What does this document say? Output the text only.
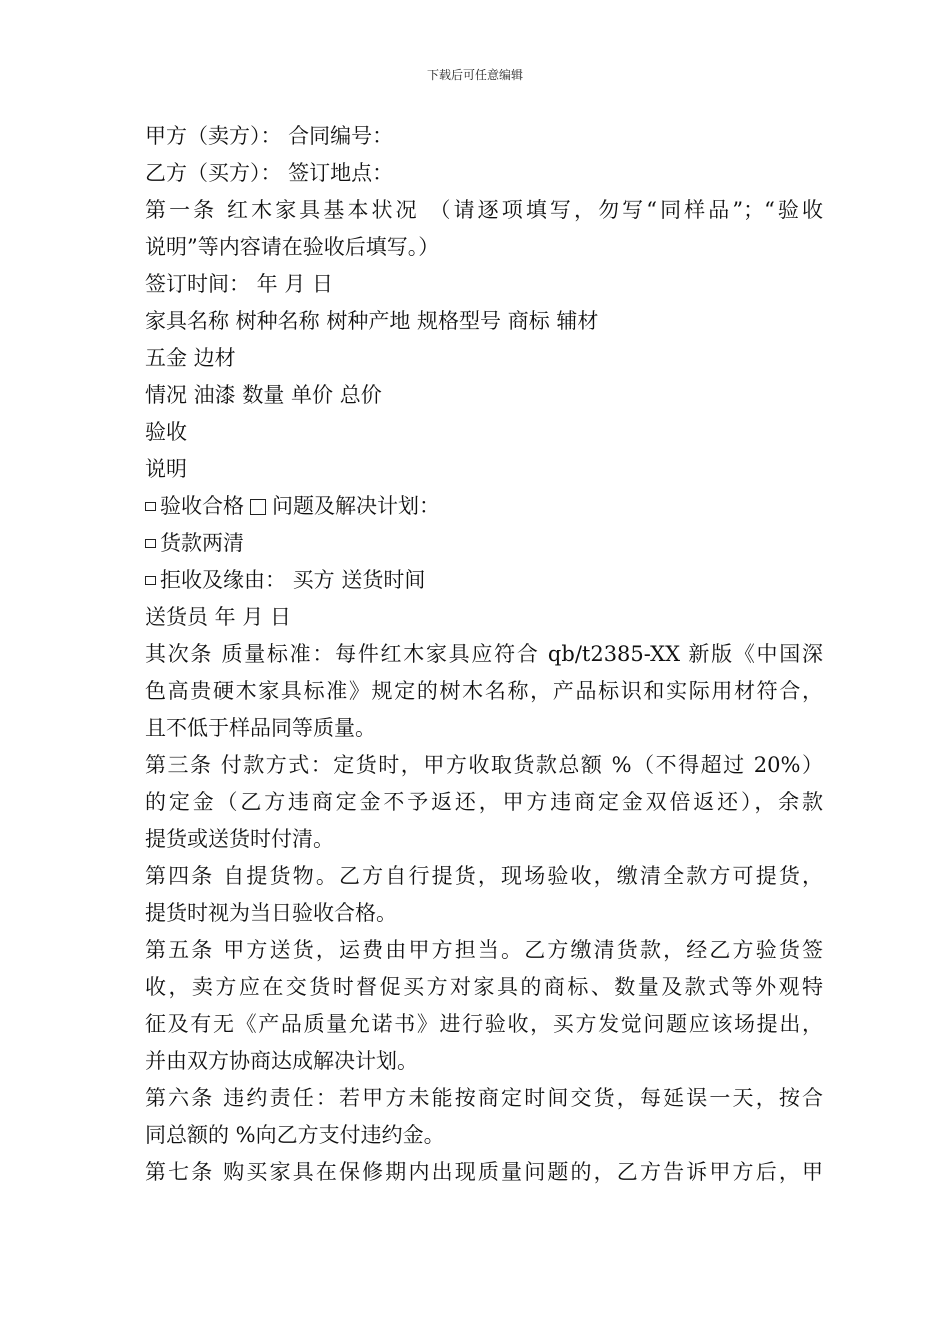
下载后可任意编辑
甲方（卖方）： 合同编号：
乙方（买方）： 签订地点：
第一条 红木家具基本状况 （请逐项填写，勿写“同样品”；“验收
说明”等内容请在验收后填写。）
签订时间： 年 月 日
家具名称 树种名称 树种产地 规格型号 商标 辅材
五金 边材
情况 油漆 数量 单价 总价
验收
说明
验收合格 问题及解决计划：
货款两清
拒收及缘由： 买方 送货时间
送货员 年 月 日
其次条 质量标准：每件红木家具应符合 qb/t2385-XX 新版《中国深
色高贵硬木家具标准》规定的树木名称，产品标识和实际用材符合，
且不低于样品同等质量。
第三条 付款方式：定货时，甲方收取货款总额 %（不得超过 20%）
的定金（乙方违商定金不予返还，甲方违商定金双倍返还），余款
提货或送货时付清。
第四条 自提货物。乙方自行提货，现场验收，缴清全款方可提货，
提货时视为当日验收合格。
第五条 甲方送货，运费由甲方担当。乙方缴清货款，经乙方验货签
收，卖方应在交货时督促买方对家具的商标、数量及款式等外观特
征及有无《产品质量允诺书》进行验收，买方发觉问题应该场提出，
并由双方协商达成解决计划。
第六条 违约责任：若甲方未能按商定时间交货，每延误一天，按合
同总额的 %向乙方支付违约金。
第七条 购买家具在保修期内出现质量问题的，乙方告诉甲方后，甲
